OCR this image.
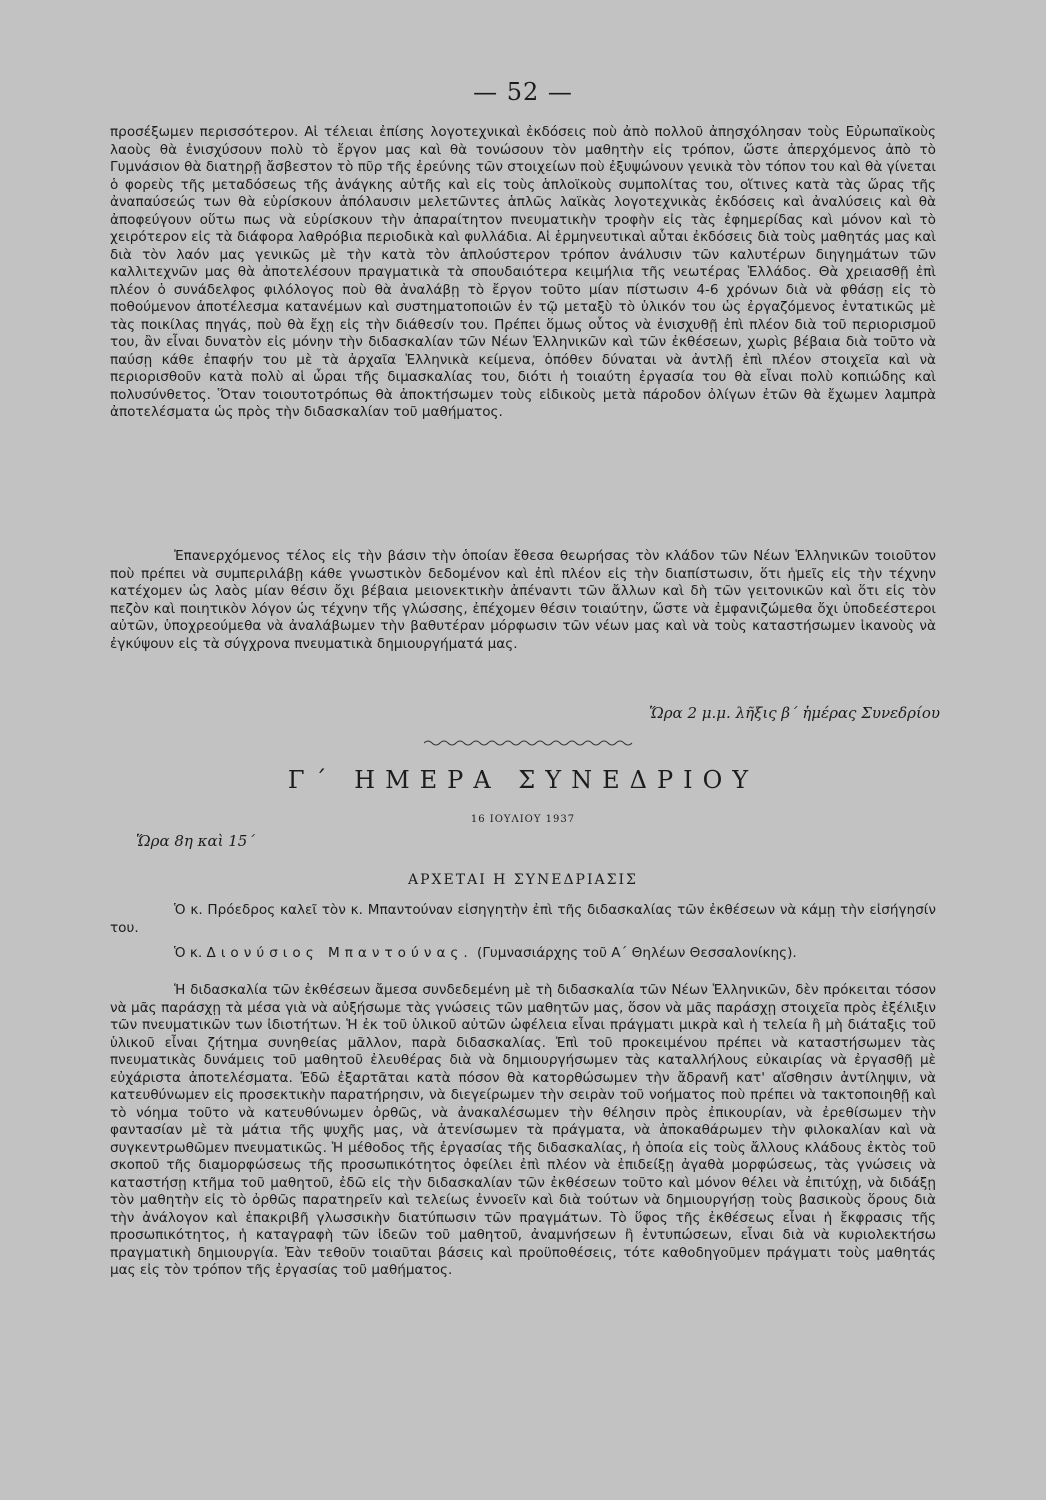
— 52 —

προσέξωμεν περισσότερον. Αἱ τέλειαι ἐπίσης λογοτεχνικαὶ ἐκδόσεις ποὺ ἀπὸ πολλοῦ ἀπησχόλησαν τοὺς Εὐρωπαϊκοὺς λαοὺς θὰ ἐνισχύσουν πολὺ τὸ ἔργον μας καὶ θὰ τονώσουν τὸν μαθητὴν εἰς τρόπον, ὥστε ἀπερχόμενος ἀπὸ τὸ Γυμνάσιον θὰ διατηρῇ ἄσβεστον τὸ πῦρ τῆς ἐρεύνης τῶν στοιχείων ποὺ ἐξυψώνουν γενικὰ τὸν τόπον του καὶ θὰ γίνεται ὁ φορεὺς τῆς μεταδόσεως τῆς ἀνάγκης αὐτῆς καὶ εἰς τοὺς ἁπλοϊκοὺς συμπολίτας του, οἵτινες κατὰ τὰς ὥρας τῆς ἀναπαύσεώς των θὰ εὑρίσκουν ἀπόλαυσιν μελετῶντες ἁπλῶς λαϊκὰς λογοτεχνικὰς ἐκδόσεις καὶ ἀναλύσεις καὶ θὰ ἀποφεύγουν οὕτω πως νὰ εὑρίσκουν τὴν ἀπαραίτητον πνευματικὴν τροφὴν εἰς τὰς ἐφημερίδας καὶ μόνον καὶ τὸ χειρότερον εἰς τὰ διάφορα λαθρόβια περιοδικὰ καὶ φυλλάδια. Αἱ ἑρμηνευτικαὶ αὗται ἐκδόσεις διὰ τοὺς μαθητάς μας καὶ διὰ τὸν λαόν μας γενικῶς μὲ τὴν κατὰ τὸν ἁπλούστερον τρόπον ἀνάλυσιν τῶν καλυτέρων διηγημάτων τῶν καλλιτεχνῶν μας θὰ ἀποτελέσουν πραγματικὰ τὰ σπουδαιότερα κειμήλια τῆς νεωτέρας Ἑλλάδος. Θὰ χρειασθῇ ἐπὶ πλέον ὁ συνάδελφος φιλόλογος ποὺ θὰ ἀναλάβῃ τὸ ἔργον τοῦτο μίαν πίστωσιν 4-6 χρόνων διὰ νὰ φθάσῃ εἰς τὸ ποθούμενον ἀποτέλεσμα κατανέμων καὶ συστηματοποιῶν ἐν τῷ μεταξὺ τὸ ὑλικόν του ὡς ἐργαζόμενος ἐντατικῶς μὲ τὰς ποικίλας πηγάς, ποὺ θὰ ἔχῃ εἰς τὴν διάθεσίν του. Πρέπει ὅμως οὗτος νὰ ἐνισχυθῇ ἐπὶ πλέον διὰ τοῦ περιορισμοῦ του, ἂν εἶναι δυνατὸν εἰς μόνην τὴν διδασκαλίαν τῶν Νέων Ἑλληνικῶν καὶ τῶν ἐκθέσεων, χωρὶς βέβαια διὰ τοῦτο νὰ παύσῃ κάθε ἐπαφήν του μὲ τὰ ἀρχαῖα Ἑλληνικὰ κείμενα, ὁπόθεν δύναται νὰ ἀντλῇ ἐπὶ πλέον στοιχεῖα καὶ νὰ περιορισθοῦν κατὰ πολὺ αἱ ὧραι τῆς διμασκαλίας του, διότι ἡ τοιαύτη ἐργασία του θὰ εἶναι πολὺ κοπιώδης καὶ πολυσύνθετος. Ὅταν τοιουτοτρόπως θὰ ἀποκτήσωμεν τοὺς εἰδικοὺς μετὰ πάροδον ὀλίγων ἐτῶν θὰ ἔχωμεν λαμπρὰ ἀποτελέσματα ὡς πρὸς τὴν διδασκαλίαν τοῦ μαθήματος.

Ἐπανερχόμενος τέλος εἰς τὴν βάσιν τὴν ὁποίαν ἔθεσα θεωρήσας τὸν κλάδον τῶν Νέων Ἑλληνικῶν τοιοῦτον ποὺ πρέπει νὰ συμπεριλάβῃ κάθε γνωστικὸν δεδομένον καὶ ἐπὶ πλέον εἰς τὴν διαπίστωσιν, ὅτι ἡμεῖς εἰς τὴν τέχνην κατέχομεν ὡς λαὸς μίαν θέσιν ὄχι βέβαια μειονεκτικὴν ἀπέναντι τῶν ἄλλων καὶ δὴ τῶν γειτονικῶν καὶ ὅτι εἰς τὸν πεζὸν καὶ ποιητικὸν λόγον ὡς τέχνην τῆς γλώσσης, ἐπέχομεν θέσιν τοιαύτην, ὥστε νὰ ἐμφανιζώμεθα ὄχι ὑποδεέστεροι αὐτῶν, ὑποχρεούμεθα νὰ ἀναλάβωμεν τὴν βαθυτέραν μόρφωσιν τῶν νέων μας καὶ νὰ τοὺς καταστήσωμεν ἱκανοὺς νὰ ἐγκύψουν εἰς τὰ σύγχρονα πνευματικὰ δημιουργήματά μας.

Ὥρα 2 μ.μ. λῆξις β΄ ἡμέρας Συνεδρίου
Γ΄ ΗΜΕΡΑ ΣΥΝΕΔΡΙΟΥ
16 ΙΟΥΛΙΟΥ 1937
Ὥρα 8η καὶ 15΄
ΑΡΧΕΤΑΙ Η ΣΥΝΕΔΡΙΑΣΙΣ

Ὁ κ. Πρόεδρος καλεῖ τὸν κ. Μπαντούναν εἰσηγητὴν ἐπὶ τῆς διδασκαλίας τῶν ἐκθέσεων νὰ κάμῃ τὴν εἰσήγησίν του.

Ὁ κ. Διονύσιος Μπαντούνας. (Γυμνασιάρχης τοῦ Α΄ Θηλέων Θεσσαλονίκης).

Ἡ διδασκαλία τῶν ἐκθέσεων ἄμεσα συνδεδεμένη μὲ τὴ διδασκαλία τῶν Νέων Ἑλληνικῶν, δὲν πρόκειται τόσον νὰ μᾶς παράσχῃ τὰ μέσα γιὰ νὰ αὐξήσωμε τὰς γνώσεις τῶν μαθητῶν μας, ὅσον νὰ μᾶς παράσχῃ στοιχεῖα πρὸς ἐξέλιξιν τῶν πνευματικῶν των ἰδιοτήτων. Ἡ ἐκ τοῦ ὑλικοῦ αὐτῶν ὠφέλεια εἶναι πράγματι μικρὰ καὶ ἡ τελεία ἢ μὴ διάταξις τοῦ ὑλικοῦ εἶναι ζήτημα συνηθείας μᾶλλον, παρὰ διδασκαλίας. Ἐπὶ τοῦ προκειμένου πρέπει νὰ καταστήσωμεν τὰς πνευματικὰς δυνάμεις τοῦ μαθητοῦ ἐλευθέρας διὰ νὰ δημιουργήσωμεν τὰς καταλλήλους εὐκαιρίας νὰ ἐργασθῇ μὲ εὐχάριστα ἀποτελέσματα. Ἐδῶ ἐξαρτᾶται κατὰ πόσον θὰ κατορθώσωμεν τὴν ἄδρανῆ κατ' αἴσθησιν ἀντίληψιν, νὰ κατευθύνωμεν εἰς προσεκτικὴν παρατήρησιν, νὰ διεγείρωμεν τὴν σειρὰν τοῦ νοήματος ποὺ πρέπει νὰ τακτοποιηθῇ καὶ τὸ νόημα τοῦτο νὰ κατευθύνωμεν ὀρθῶς, νὰ ἀνακαλέσωμεν τὴν θέλησιν πρὸς ἐπικουρίαν, νὰ ἐρεθίσωμεν τὴν φαντασίαν μὲ τὰ μάτια τῆς ψυχῆς μας, νὰ ἀτενίσωμεν τὰ πράγματα, νὰ ἀποκαθάρωμεν τὴν φιλοκαλίαν καὶ νὰ συγκεντρωθῶμεν πνευματικῶς. Ἡ μέθοδος τῆς ἐργασίας τῆς διδασκαλίας, ἡ ὁποία εἰς τοὺς ἄλλους κλάδους ἐκτὸς τοῦ σκοποῦ τῆς διαμορφώσεως τῆς προσωπικότητος ὀφείλει ἐπὶ πλέον νὰ ἐπιδείξῃ ἀγαθὰ μορφώσεως, τὰς γνώσεις νὰ καταστήσῃ κτῆμα τοῦ μαθητοῦ, ἐδῶ εἰς τὴν διδασκαλίαν τῶν ἐκθέσεων τοῦτο καὶ μόνον θέλει νὰ ἐπιτύχῃ, νὰ διδάξῃ τὸν μαθητὴν εἰς τὸ ὀρθῶς παρατηρεῖν καὶ τελείως ἐννοεῖν καὶ διὰ τούτων νὰ δημιουργήσῃ τοὺς βασικοὺς ὅρους διὰ τὴν ἀνάλογον καὶ ἐπακριβῆ γλωσσικὴν διατύπωσιν τῶν πραγμάτων. Τὸ ὕφος τῆς ἐκθέσεως εἶναι ἡ ἔκφρασις τῆς προσωπικότητος, ἡ καταγραφὴ τῶν ἰδεῶν τοῦ μαθητοῦ, ἀναμνήσεων ἢ ἐντυπώσεων, εἶναι διὰ νὰ κυριολεκτήσω πραγματικὴ δημιουργία. Ἐὰν τεθοῦν τοιαῦται βάσεις καὶ προϋποθέσεις, τότε καθοδηγοῦμεν πράγματι τοὺς μαθητάς μας εἰς τὸν τρόπον τῆς ἐργασίας τοῦ μαθήματος.
